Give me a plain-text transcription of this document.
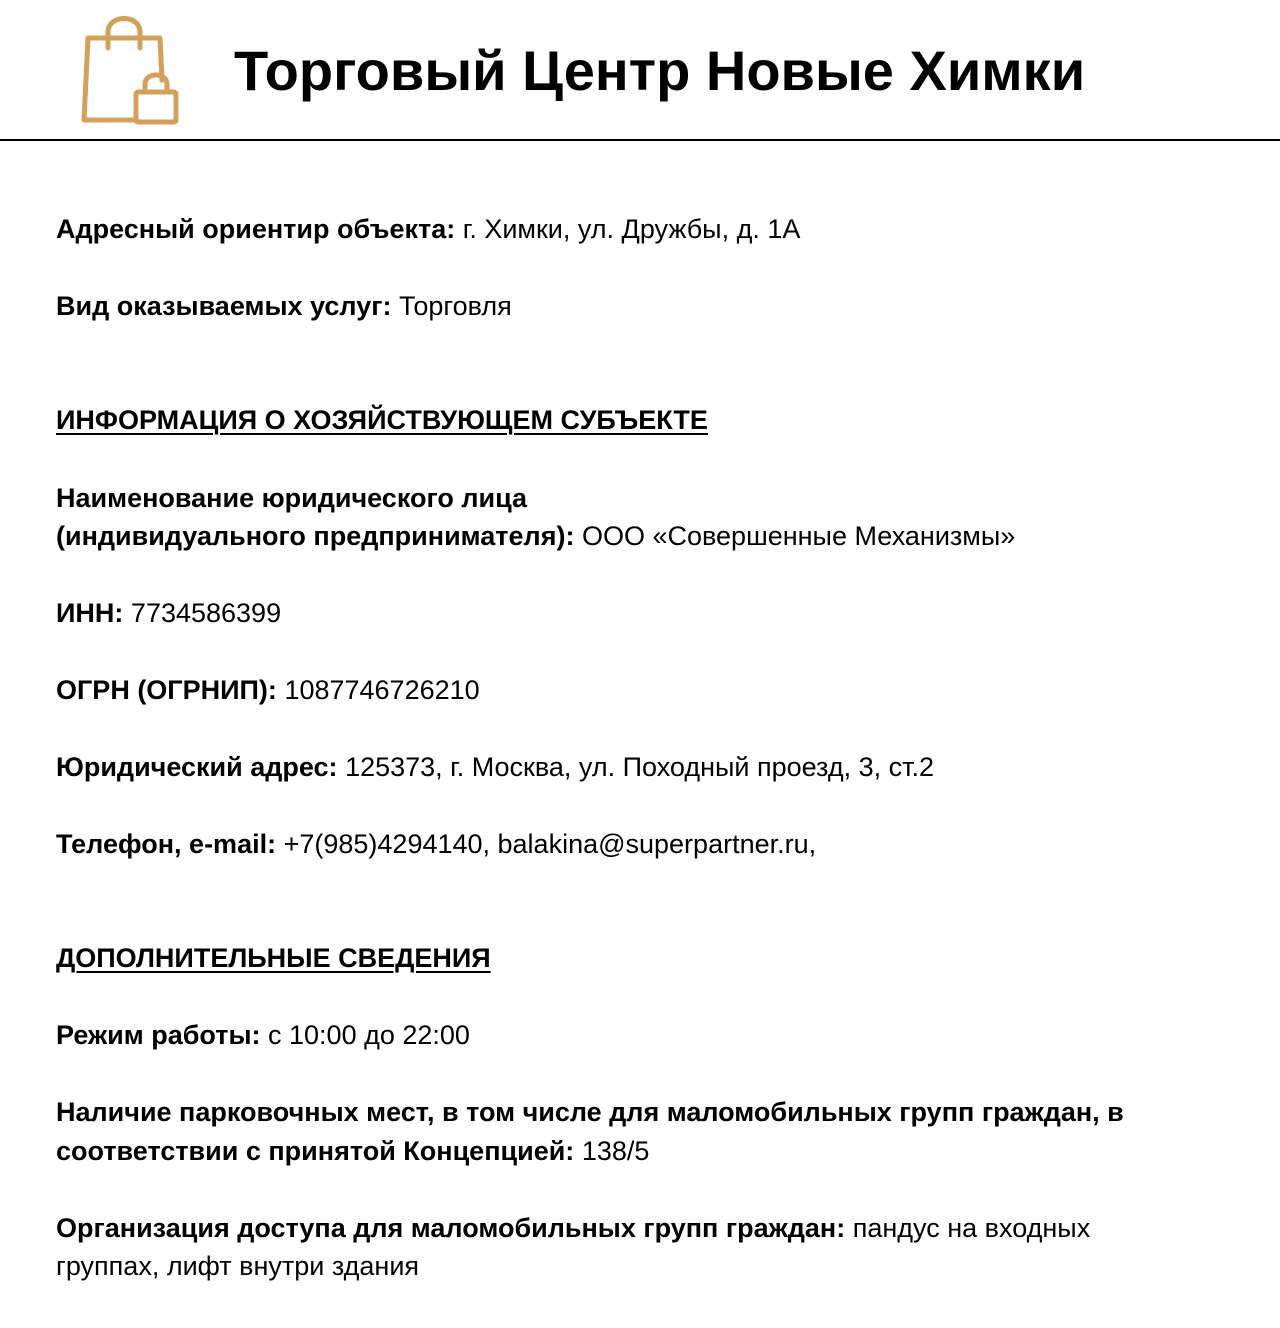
Торговый Центр Новые Химки
Адресный ориентир объекта: г. Химки, ул. Дружбы, д. 1А
Вид оказываемых услуг: Торговля
ИНФОРМАЦИЯ О ХОЗЯЙСТВУЮЩЕМ СУБЪЕКТЕ
Наименование юридического лица
(индивидуального предпринимателя): ООО «Совершенные Механизмы»
ИНН: 7734586399
ОГРН (ОГРНИП): 1087746726210
Юридический адрес: 125373, г. Москва, ул. Походный проезд, 3, ст.2
Телефон, e-mail: +7(985)4294140, balakina@superpartner.ru,
ДОПОЛНИТЕЛЬНЫЕ СВЕДЕНИЯ
Режим работы: с 10:00 до 22:00
Наличие парковочных мест, в том числе для маломобильных групп граждан, в
соответствии с принятой Концепцией: 138/5
Организация доступа для маломобильных групп граждан: пандус на входных
группах, лифт внутри здания
